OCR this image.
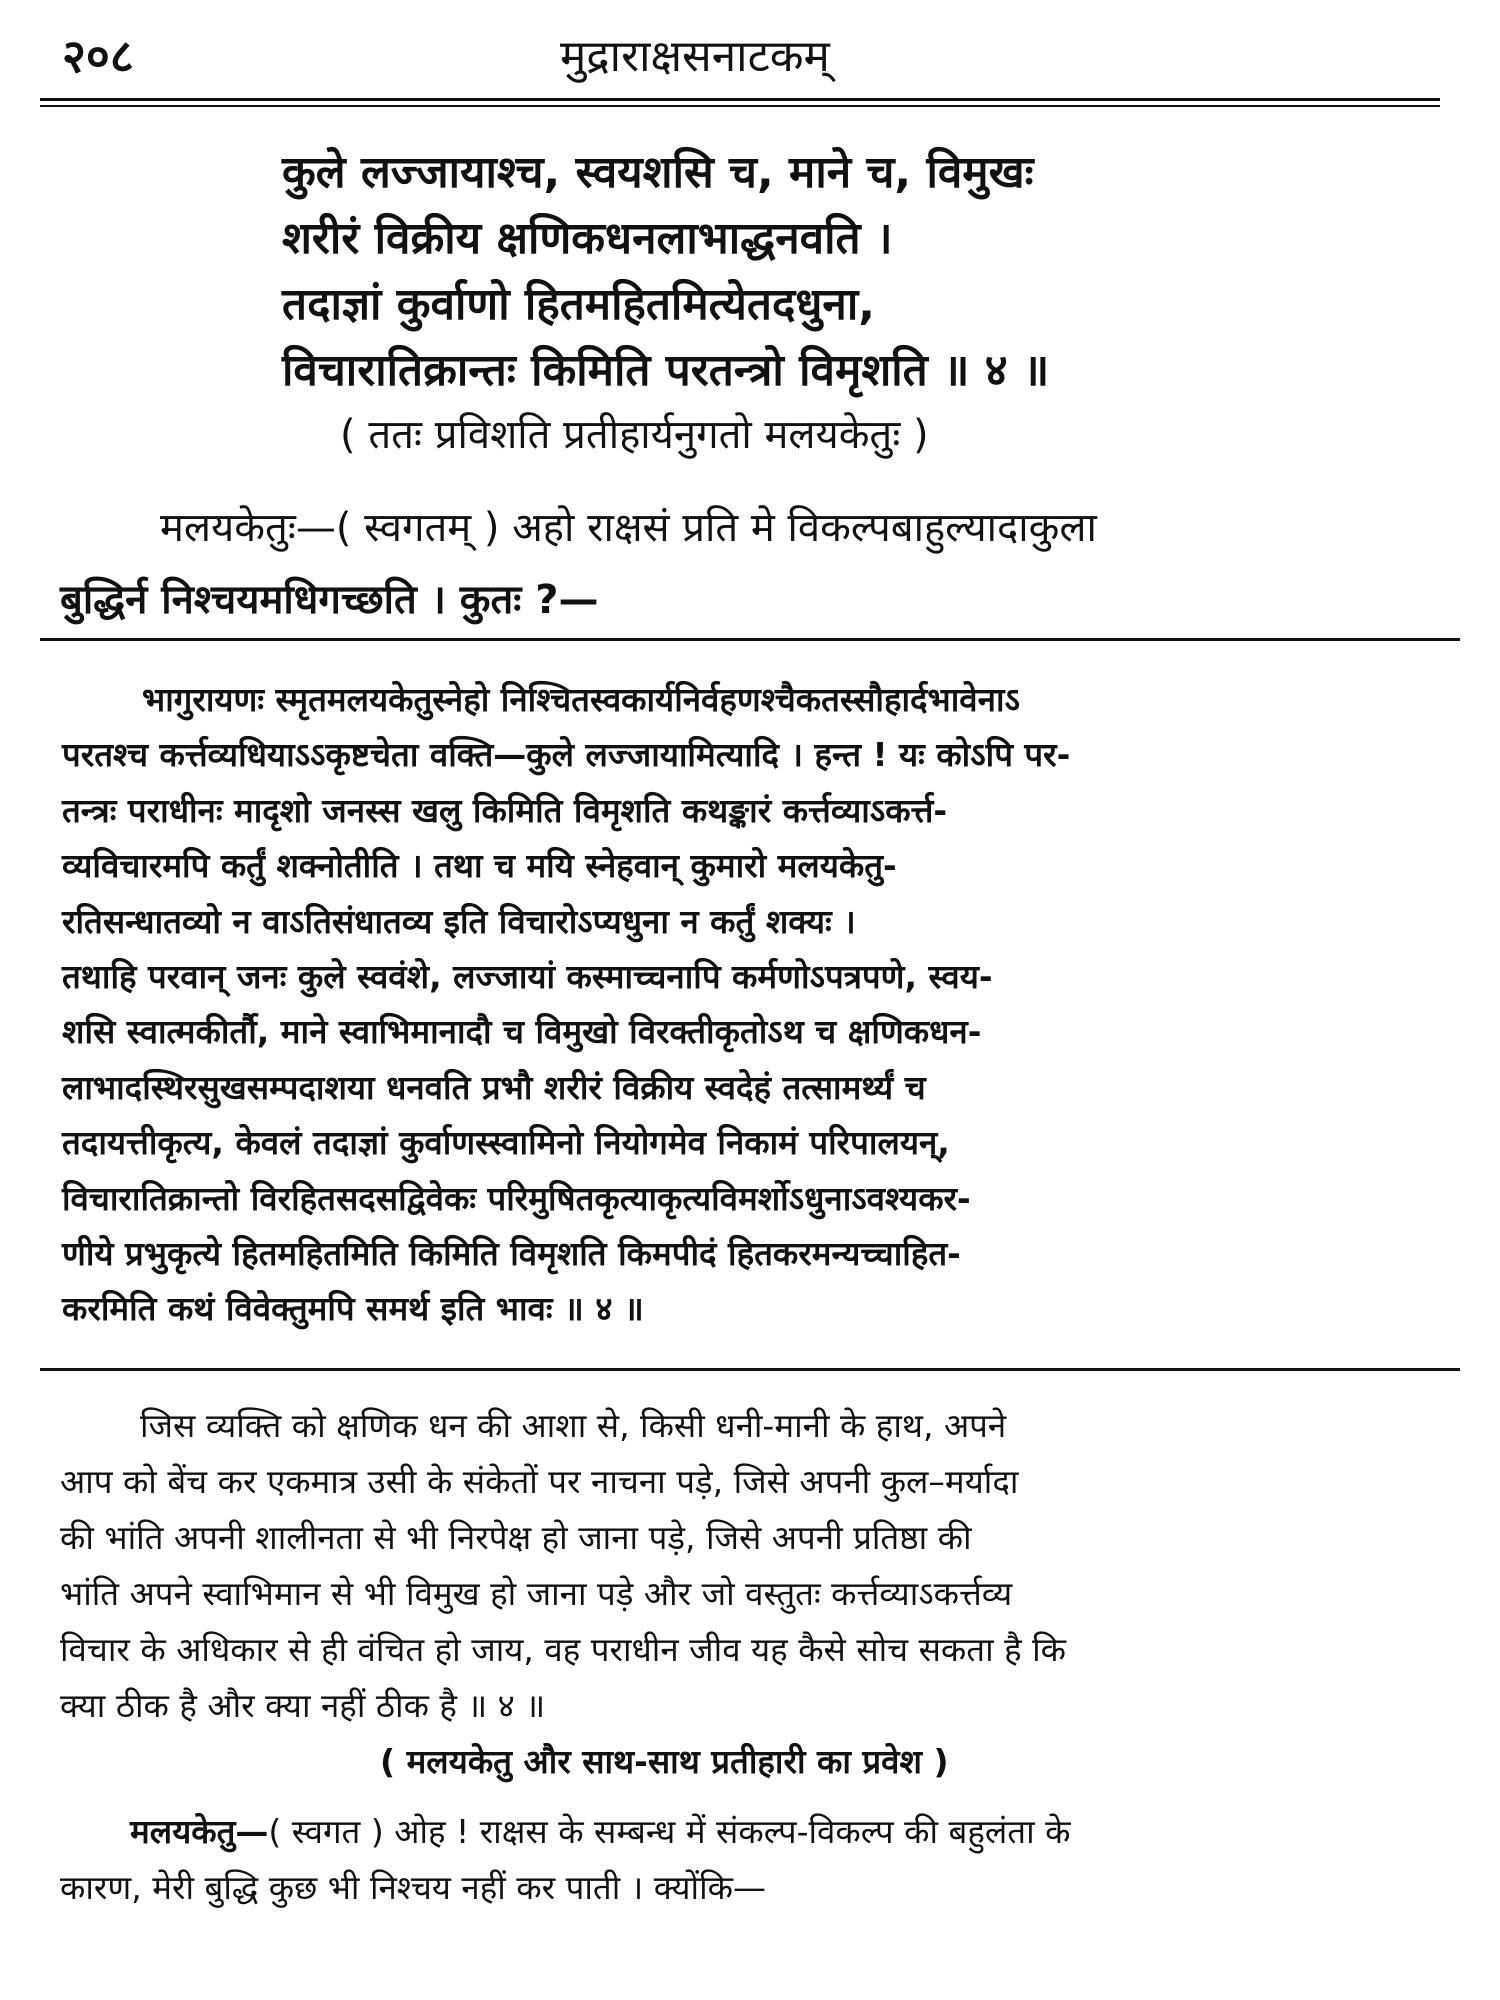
२०८	मुद्राराक्षसनाटकम्
कुले लज्जायाश्च, स्वयशसि च, माने च, विमुखः
शरीरं विक्रीय क्षणिकधनलाभाद्धनवति ।
तदाज्ञां कुर्वाणो हितमहितमित्येतदधुना,
विचारातिक्रान्तः किमिति परतन्त्रो विमृशति ॥ ४ ॥
( ततः प्रविशति प्रतीहार्यनुगतो मलयकेतुः )
मलयकेतुः—( स्वगतम् ) अहो राक्षसं प्रति मे विकल्पबाहुल्यादाकुला
बुद्धिर्न निश्चयमधिगच्छति । कुतः ?—
भागुरायणः स्मृतमलयकेतुस्नेहो निश्चितस्वकार्यनिर्वहणश्चैकतस्सौहार्दभावेनाऽ
परतश्च कर्त्तव्यधियाऽऽकृष्टचेता वक्ति—कुले लज्जायामित्यादि । हन्त ! यः कोऽपि पर-
तन्त्रः पराधीनः मादृशो जनस्स खलु किमिति विमृशति कथङ्कारं कर्त्तव्याऽकर्त्त-
व्यविचारमपि कर्तुं शक्नोतीति । तथा च मयि स्नेहवान् कुमारो मलयकेतु-
रतिसन्धातव्यो न वाऽतिसंधातव्य इति विचारोऽप्यधुना न कर्तुं शक्यः ।
तथाहि परवान् जनः कुले स्ववंशे, लज्जायां कस्माच्चनापि कर्मणोऽपत्रपणे, स्वय-
शसि स्वात्मकीर्तौ, माने स्वाभिमानादौ च विमुखो विरक्तीकृतोऽथ च क्षणिकधन-
लाभादस्थिरसुखसम्पदाशया धनवति प्रभौ शरीरं विक्रीय स्वदेहं तत्सामर्थ्यं च
तदायत्तीकृत्य, केवलं तदाज्ञां कुर्वाणस्स्वामिनो नियोगमेव निकामं परिपालयन्,
विचारातिक्रान्तो विरहितसदसद्विवेकः परिमुषितकृत्याकृत्यविमर्शोऽधुनाऽवश्यकर-
णीये प्रभुकृत्ये हितमहितमिति किमिति विमृशति किमपीदं हितकरमन्यच्चाहित-
करमिति कथं विवेक्तुमपि समर्थ इति भावः ॥ ४ ॥
जिस व्यक्ति को क्षणिक धन की आशा से, किसी धनी-मानी के हाथ, अपने
आप को बेंच कर एकमात्र उसी के संकेतों पर नाचना पड़े, जिसे अपनी कुल–मर्यादा
की भांति अपनी शालीनता से भी निरपेक्ष हो जाना पड़े, जिसे अपनी प्रतिष्ठा की
भांति अपने स्वाभिमान से भी विमुख हो जाना पड़े और जो वस्तुतः कर्त्तव्याऽकर्त्तव्य
विचार के अधिकार से ही वंचित हो जाय, वह पराधीन जीव यह कैसे सोच सकता है कि
क्या ठीक है और क्या नहीं ठीक है ॥ ४ ॥
( मलयकेतु और साथ-साथ प्रतीहारी का प्रवेश )
मलयकेतु—( स्वगत ) ओह ! राक्षस के सम्बन्ध में संकल्प-विकल्प की बहुलंता के
कारण, मेरी बुद्धि कुछ भी निश्चय नहीं कर पाती । क्योंकि—
